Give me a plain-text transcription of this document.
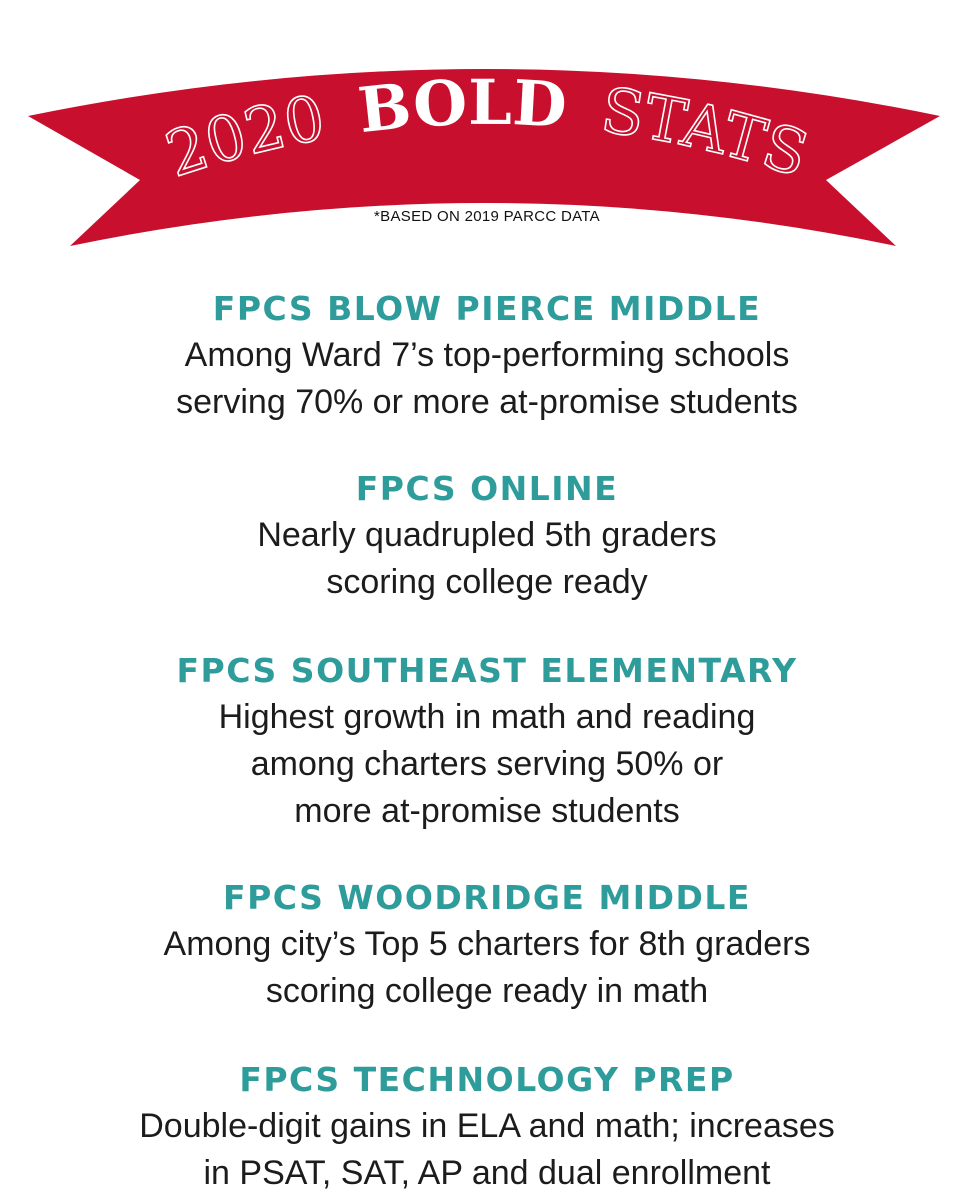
2020 BOLD STATS
*BASED ON 2019 PARCC DATA

FPCS BLOW PIERCE MIDDLE

Among Ward 7’s top-performing schools
serving 70% or more at-promise students

FPCS ONLINE

Nearly quadrupled 5th graders
scoring college ready

FPCS SOUTHEAST ELEMENTARY

Highest growth in math and reading
among charters serving 50% or
more at-promise students

FPCS WOODRIDGE MIDDLE

Among city’s Top 5 charters for 8th graders
scoring college ready in math

FPCS TECHNOLOGY PREP

Double-digit gains in ELA and math; increases
in PSAT, SAT, AP and dual enrollment
